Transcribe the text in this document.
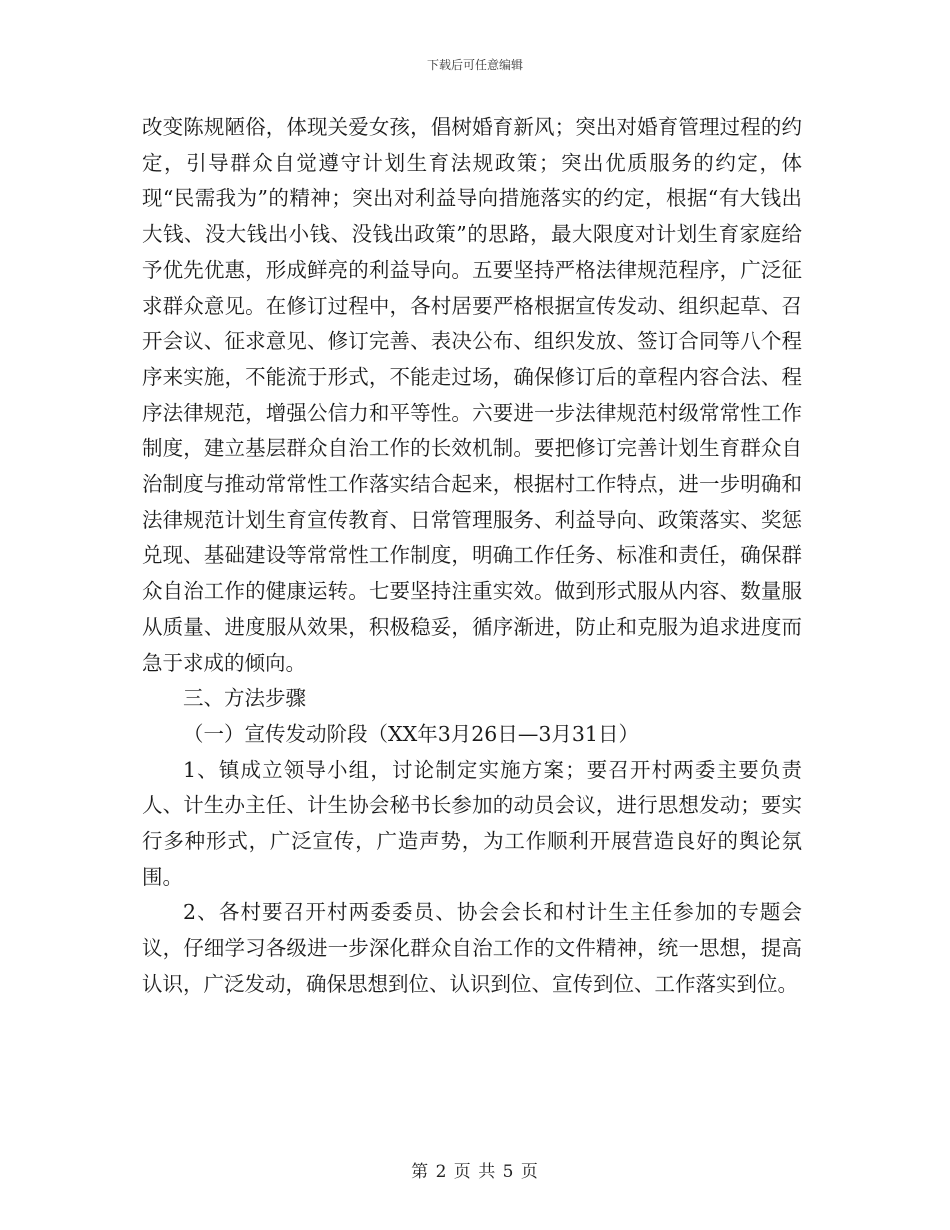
下载后可任意编辑

改变陈规陋俗，体现关爱女孩，倡树婚育新风；突出对婚育管理过程的约定，引导群众自觉遵守计划生育法规政策；突出优质服务的约定，体现“民需我为”的精神；突出对利益导向措施落实的约定，根据“有大钱出大钱、没大钱出小钱、没钱出政策”的思路，最大限度对计划生育家庭给予优先优惠，形成鲜亮的利益导向。五要坚持严格法律规范程序，广泛征求群众意见。在修订过程中，各村居要严格根据宣传发动、组织起草、召开会议、征求意见、修订完善、表决公布、组织发放、签订合同等八个程序来实施，不能流于形式，不能走过场，确保修订后的章程内容合法、程序法律规范，增强公信力和平等性。六要进一步法律规范村级常常性工作制度，建立基层群众自治工作的长效机制。要把修订完善计划生育群众自治制度与推动常常性工作落实结合起来，根据村工作特点，进一步明确和法律规范计划生育宣传教育、日常管理服务、利益导向、政策落实、奖惩兑现、基础建设等常常性工作制度，明确工作任务、标准和责任，确保群众自治工作的健康运转。七要坚持注重实效。做到形式服从内容、数量服从质量、进度服从效果，积极稳妥，循序渐进，防止和克服为追求进度而急于求成的倾向。

三、方法步骤

（一）宣传发动阶段（XX年3月26日—3月31日）

1、镇成立领导小组，讨论制定实施方案；要召开村两委主要负责人、计生办主任、计生协会秘书长参加的动员会议，进行思想发动；要实行多种形式，广泛宣传，广造声势，为工作顺利开展营造良好的舆论氛围。

2、各村要召开村两委委员、协会会长和村计生主任参加的专题会议，仔细学习各级进一步深化群众自治工作的文件精神，统一思想，提高认识，广泛发动，确保思想到位、认识到位、宣传到位、工作落实到位。

第 2 页 共 5 页
